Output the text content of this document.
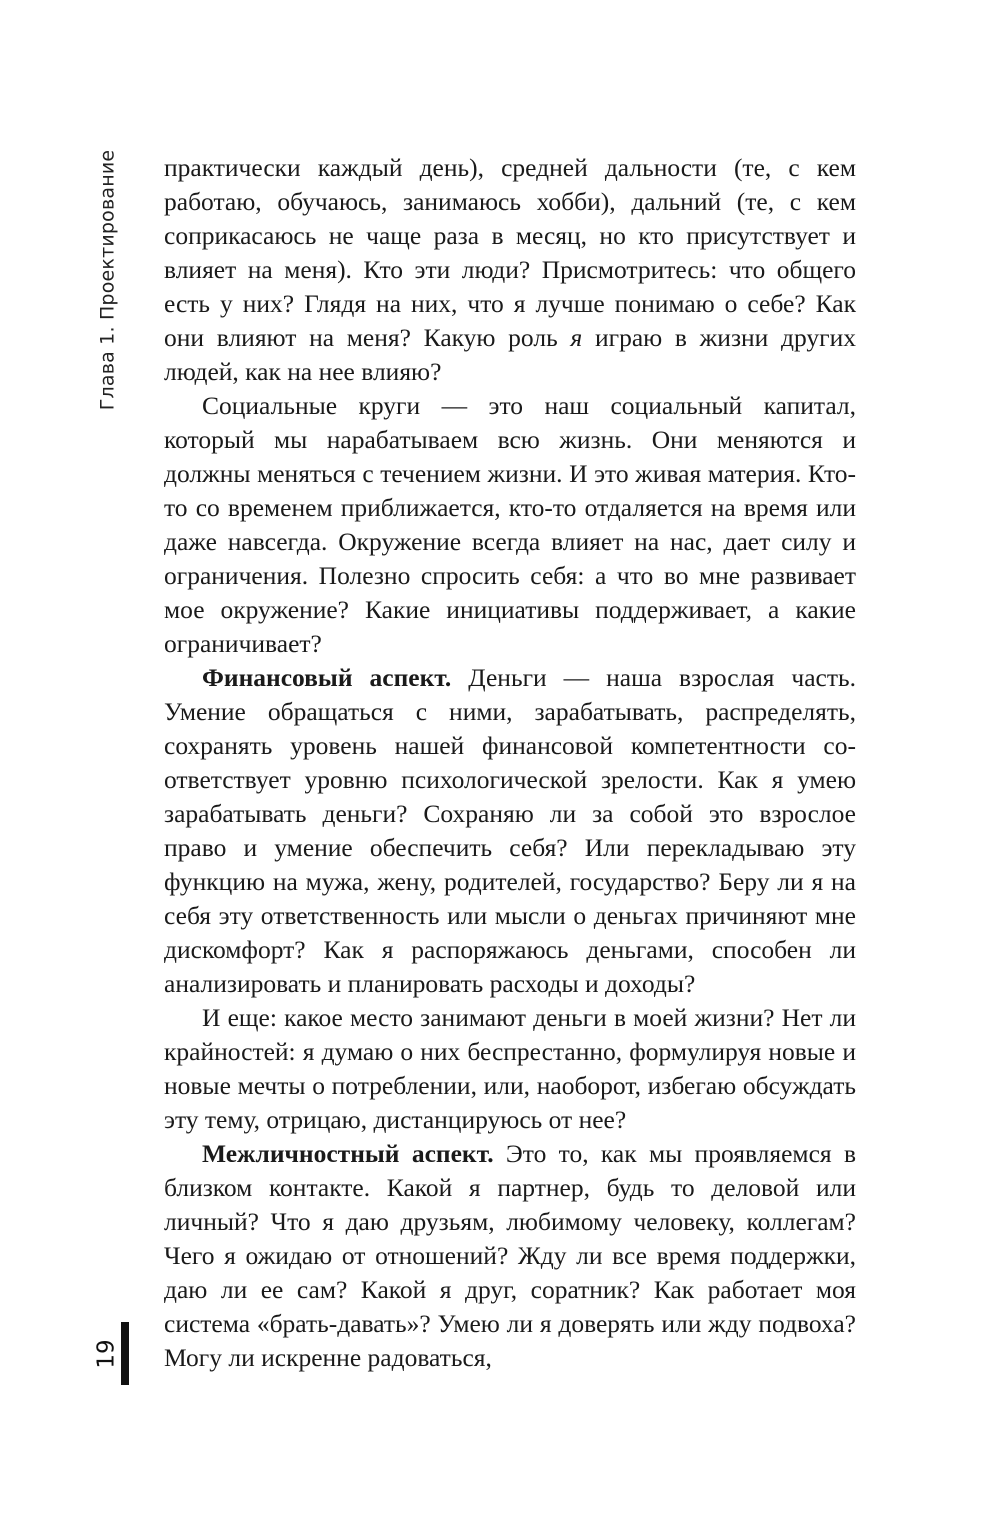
Глава 1. Проектирование
19

практически каждый день), средней дальности (те, с кем работаю, обучаюсь, занимаюсь хобби), дальний (те, с кем соприкасаюсь не чаще раза в месяц, но кто присутствует и влияет на меня). Кто эти люди? Присмотритесь: что общего есть у них? Глядя на них, что я лучше понимаю о себе? Как они влияют на меня? Какую роль я играю в жизни других людей, как на нее влияю?

Социальные круги — это наш социальный капитал, который мы нарабатываем всю жизнь. Они меняются и должны меняться с течением жизни. И это живая материя. Кто-то со временем приближается, кто-то отдаляется на время или даже навсегда. Окружение всегда влияет на нас, дает силу и ограничения. Полезно спросить себя: а что во мне развивает мое окружение? Какие инициативы поддерживает, а какие ограничивает?

Финансовый аспект. Деньги — наша взрослая часть. Умение обращаться с ними, зарабатывать, распределять, сохранять уровень нашей финансовой компетентности соответствует уровню психологической зрелости. Как я умею зарабатывать деньги? Сохраняю ли за собой это взрослое право и умение обеспечить себя? Или перекладываю эту функцию на мужа, жену, родителей, государство? Беру ли я на себя эту ответственность или мысли о деньгах причиняют мне дискомфорт? Как я распоряжаюсь деньгами, способен ли анализировать и планировать расходы и доходы?

И еще: какое место занимают деньги в моей жизни? Нет ли крайностей: я думаю о них беспрестанно, формулируя новые и новые мечты о потреблении, или, наоборот, избегаю обсуждать эту тему, отрицаю, дистанцируюсь от нее?

Межличностный аспект. Это то, как мы проявляемся в близком контакте. Какой я партнер, будь то деловой или личный? Что я даю друзьям, любимому человеку, коллегам? Чего я ожидаю от отношений? Жду ли все время поддержки, даю ли ее сам? Какой я друг, соратник? Как работает моя система «брать-давать»? Умею ли я доверять или жду подвоха? Могу ли искренне радоваться,
